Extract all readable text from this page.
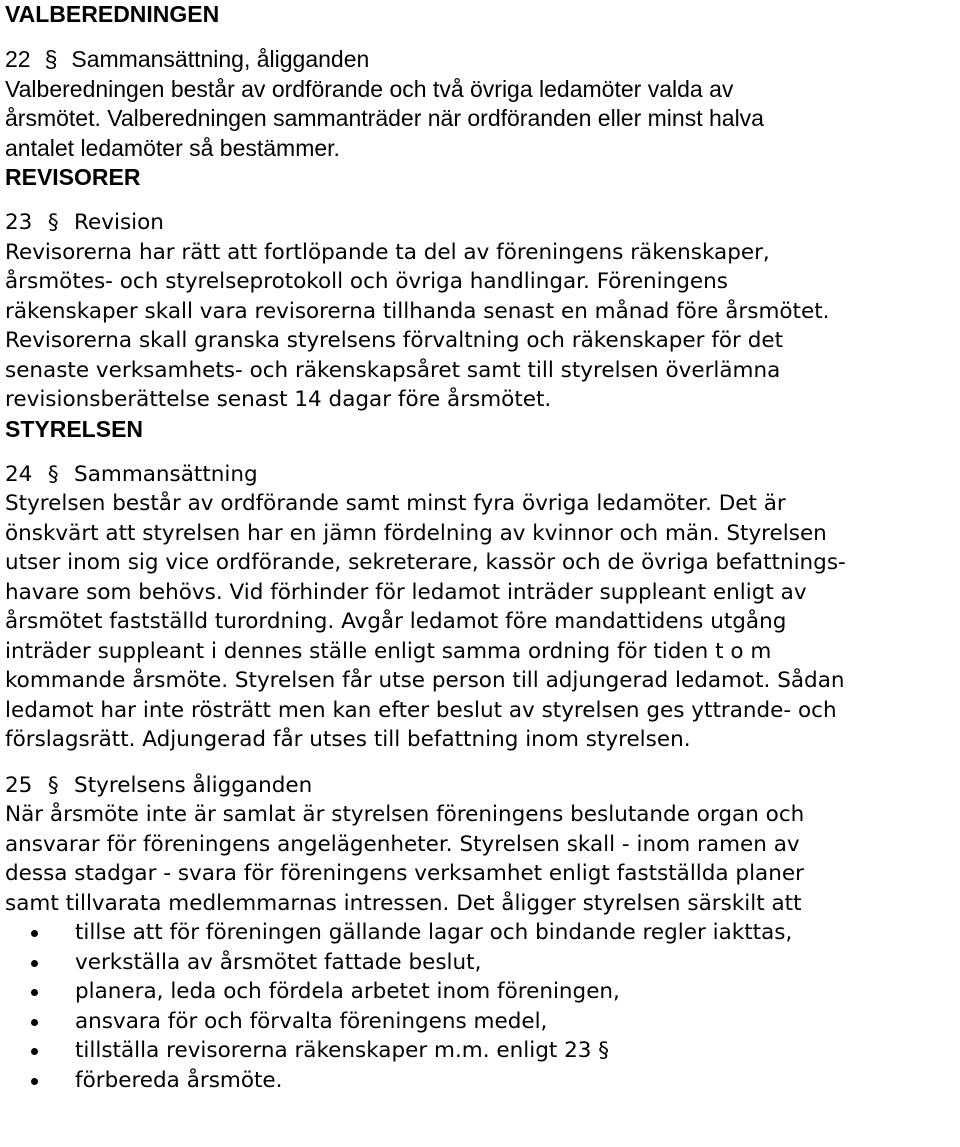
VALBEREDNINGEN
22 § Sammansättning, åligganden

Valberedningen består av ordförande och två övriga ledamöter valda av

årsmötet. Valberedningen sammanträder när ordföranden eller minst halva

antalet ledamöter så bestämmer.

REVISORER
23 § Revision

Revisorerna har rätt att fortlöpande ta del av föreningens räkenskaper,

årsmötes- och styrelseprotokoll och övriga handlingar. Föreningens

räkenskaper skall vara revisorerna tillhanda senast en månad före årsmötet.

Revisorerna skall granska styrelsens förvaltning och räkenskaper för det

senaste verksamhets- och räkenskapsåret samt till styrelsen överlämna

revisionsberättelse senast 14 dagar före årsmötet.

STYRELSEN
24 § Sammansättning

Styrelsen består av ordförande samt minst fyra övriga ledamöter. Det är

önskvärt att styrelsen har en jämn fördelning av kvinnor och män. Styrelsen

utser inom sig vice ordförande, sekreterare, kassör och de övriga befattnings-

havare som behövs. Vid förhinder för ledamot inträder suppleant enligt av

årsmötet fastställd turordning. Avgår ledamot före mandattidens utgång

inträder suppleant i dennes ställe enligt samma ordning för tiden t o m

kommande årsmöte. Styrelsen får utse person till adjungerad ledamot. Sådan

ledamot har inte rösträtt men kan efter beslut av styrelsen ges yttrande- och

förslagsrätt. Adjungerad får utses till befattning inom styrelsen.

25 § Styrelsens åligganden

När årsmöte inte är samlat är styrelsen föreningens beslutande organ och

ansvarar för föreningens angelägenheter. Styrelsen skall - inom ramen av

dessa stadgar - svara för föreningens verksamhet enligt fastställda planer

samt tillvarata medlemmarnas intressen. Det åligger styrelsen särskilt att

tillse att för föreningen gällande lagar och bindande regler iakttas,
verkställa av årsmötet fattade beslut,
planera, leda och fördela arbetet inom föreningen,
ansvara för och förvalta föreningens medel,
tillställa revisorerna räkenskaper m.m. enligt 23 §
förbereda årsmöte.
